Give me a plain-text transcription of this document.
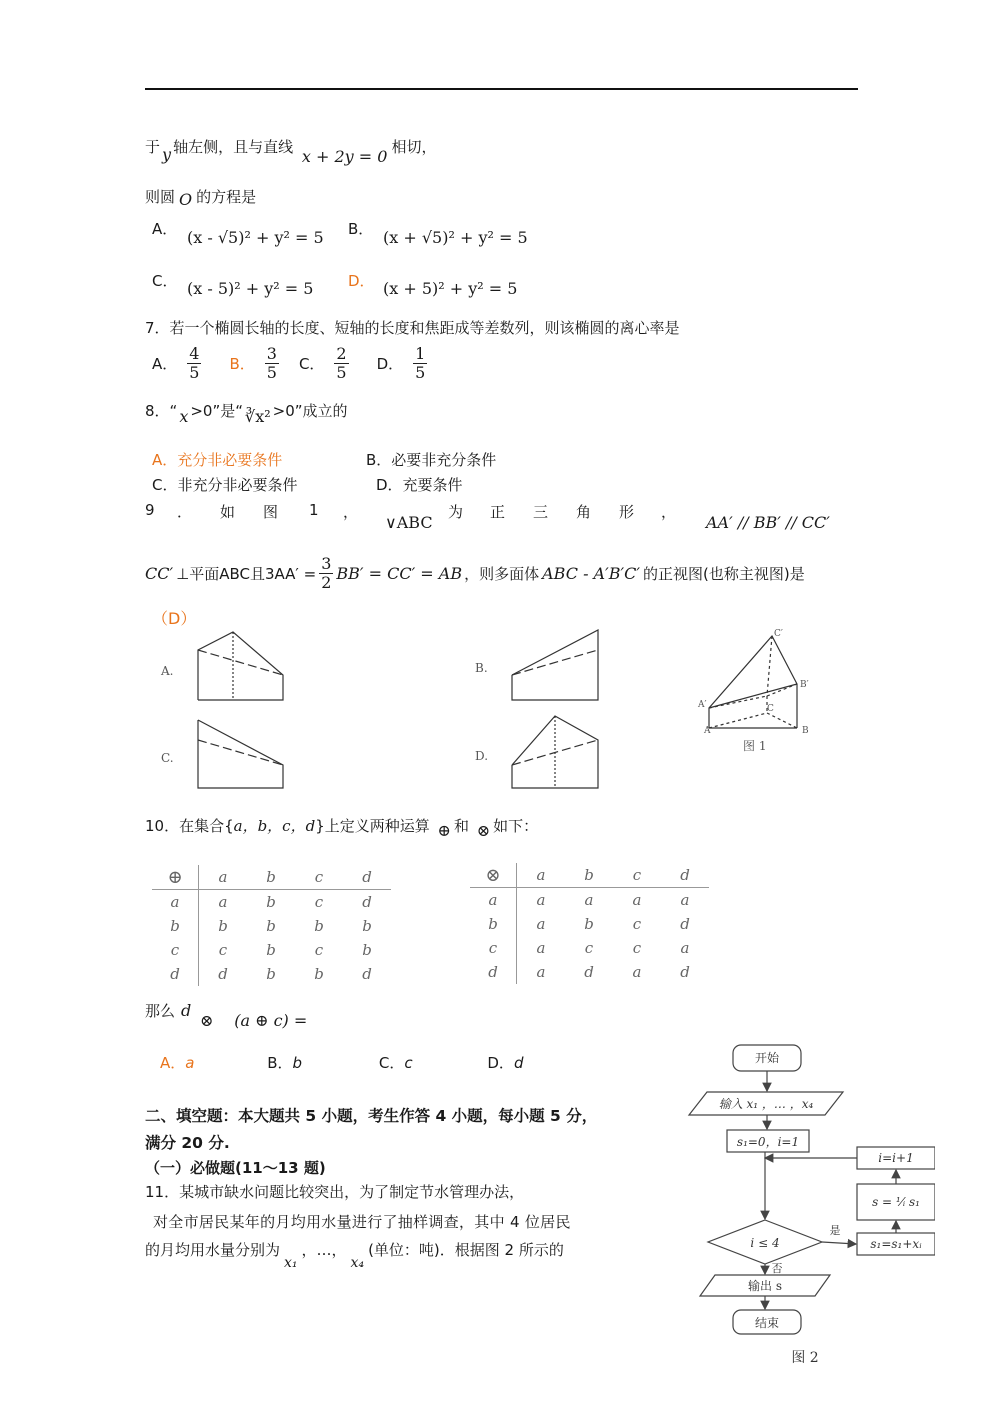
于 y 轴左侧，且与直线 x + 2y = 0 相切，
则圆 O 的方程是
A． (x - √5)² + y² = 5 B． (x + √5)² + y² = 5
C． (x - 5)² + y² = 5 D． (x + 5)² + y² = 5
7．若一个椭圆长轴的长度、短轴的长度和焦距成等差数列，则该椭圆的离心率是
A． $\frac{4}{5}$ B． $\frac{3}{5}$ C． $\frac{2}{5}$ D． $\frac{1}{5}$
8．“ x >0”是“ ∛x² >0”成立的
A．充分非必要条件	B．必要非充分条件
C．非充分非必要条件	D．充要条件
9 ． 如 图 1 ，
∨ABC
为 正 三 角 形 ，
AA′ // BB′ // CC′
CC′ ⊥平面ABC且$3AA' = \frac{3}{2} BB' = CC'$ = AB ，则多面体 ABC - A′B′C′ 的正视图(也称主视图)是
（D）
A.	B.
C.	D.
A	B
C
A′
B′
C′
图 1
10．在集合{a，b，c，d}上定义两种运算 ⊕ 和 ⊗ 如下：
⊕	a	b	c	d
a	a	b	c	d
b	b	b	b	b
c	c	b	c	b
d	d	b	b	d
⊗	a	b	c	d
a	a	a	a	a
b	a	b	c	d
c	a	c	c	a
d	a	d	a	d
那么 d ⊗ (a ⊕ c) =
A．a	B．b	C．c	D．d
二、填空题：本大题共 5 小题，考生作答 4 小题，每小题 5 分，
满分 20 分.
（一）必做题(11～13 题)
11．某城市缺水问题比较突出，为了制定节水管理办法，
对全市居民某年的月均用水量进行了抽样调查，其中 4 位居民
的月均用水量分别为x₁，…，x₄(单位：吨)．根据图 2 所示的
开始
输入 x₁ ，… ，x₄
s₁=0，i=1
i ≤ 4
是
否
s₁=s₁+xᵢ
s = ¹⁄ᵢ s₁
i=i+1
输出 s
结束
图 2
